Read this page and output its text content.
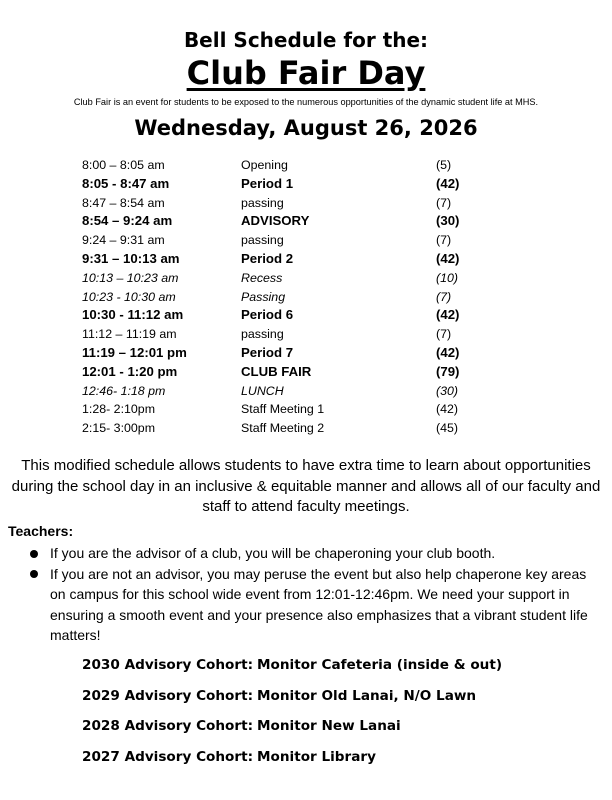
Bell Schedule for the:
Club Fair Day
Club Fair is an event for students to be exposed to the numerous opportunities of the dynamic student life at MHS.
Wednesday, August 26, 2026
8:00 – 8:05 am	Opening	(5)
8:05 - 8:47 am	Period 1	(42)
8:47 – 8:54 am	passing	(7)
8:54 – 9:24 am	ADVISORY	(30)
9:24 – 9:31 am	passing	(7)
9:31 – 10:13 am	Period 2	(42)
10:13 – 10:23 am	Recess	(10)
10:23 - 10:30 am	Passing	(7)
10:30 - 11:12 am	Period 6	(42)
11:12 – 11:19 am	passing	(7)
11:19 – 12:01 pm	Period 7	(42)
12:01 - 1:20 pm	CLUB FAIR	(79)
12:46- 1:18 pm	LUNCH	(30)
1:28- 2:10pm	Staff Meeting 1	(42)
2:15- 3:00pm	Staff Meeting 2	(45)
This modified schedule allows students to have extra time to learn about opportunities during the school day in an inclusive & equitable manner and allows all of our faculty and staff to attend faculty meetings.
Teachers:
If you are the advisor of a club, you will be chaperoning your club booth.
If you are not an advisor, you may peruse the event but also help chaperone key areas on campus for this school wide event from 12:01-12:46pm. We need your support in ensuring a smooth event and your presence also emphasizes that a vibrant student life matters!
2030 Advisory Cohort: Monitor Cafeteria (inside & out)
2029 Advisory Cohort: Monitor Old Lanai, N/O Lawn
2028 Advisory Cohort: Monitor New Lanai
2027 Advisory Cohort: Monitor Library
